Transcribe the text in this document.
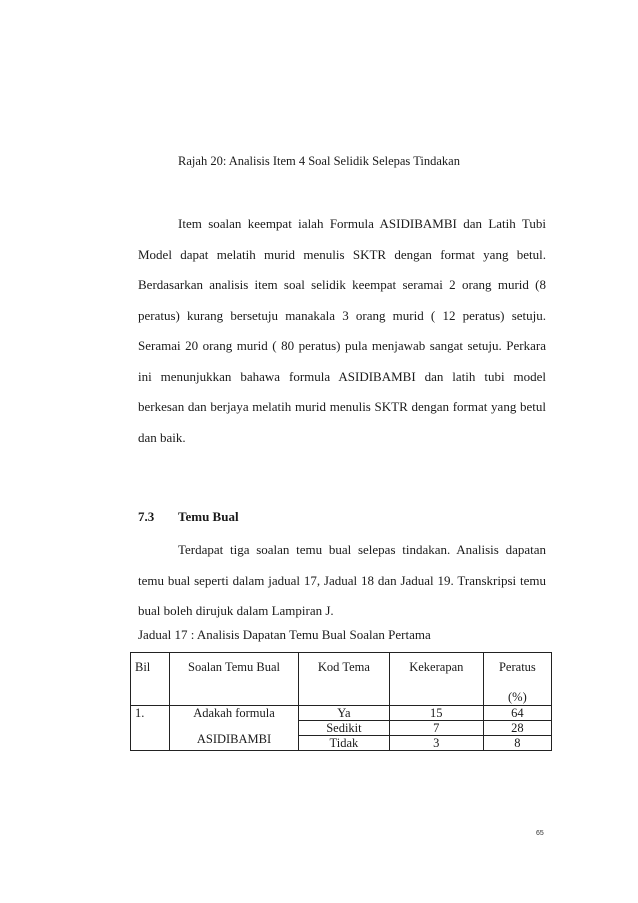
Rajah 20: Analisis Item 4 Soal Selidik Selepas Tindakan

Item soalan keempat ialah Formula ASIDIBAMBI dan Latih Tubi Model dapat melatih murid menulis SKTR dengan format yang betul. Berdasarkan analisis item soal selidik keempat seramai 2 orang murid (8 peratus) kurang bersetuju manakala 3 orang murid ( 12 peratus) setuju. Seramai 20 orang murid ( 80 peratus) pula menjawab sangat setuju. Perkara ini menunjukkan bahawa formula ASIDIBAMBI dan latih tubi model berkesan dan berjaya melatih murid menulis SKTR dengan format yang betul dan baik.

7.3 Temu Bual

Terdapat tiga soalan temu bual selepas tindakan. Analisis dapatan temu bual seperti dalam jadual 17, Jadual 18 dan Jadual 19. Transkripsi temu bual boleh dirujuk dalam Lampiran J.

Jadual 17 : Analisis Dapatan Temu Bual Soalan Pertama
Bil	Soalan Temu Bual	Kod Tema	Kekerapan	Peratus
(%)

1.	Adakah formula
ASIDIBAMBI	Ya	15	64
		Sedikit	7	28
		Tidak	3	8
65
